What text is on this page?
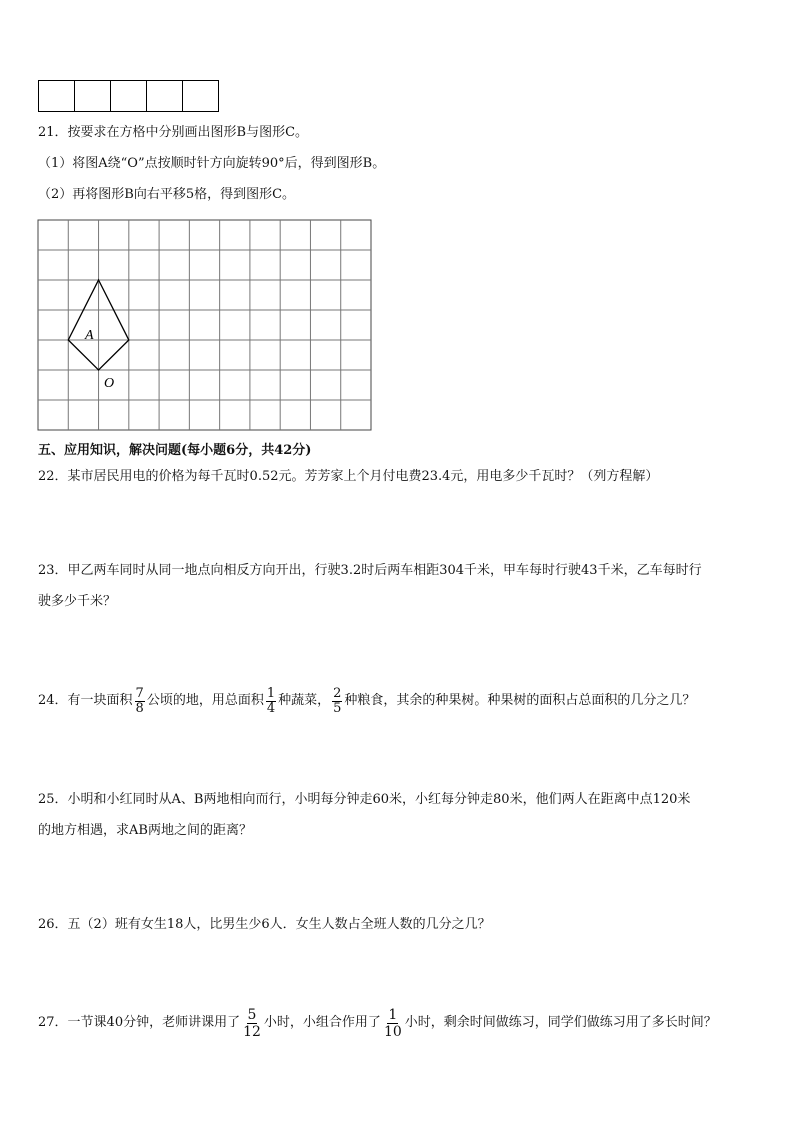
21．按要求在方格中分别画出图形B与图形C。
（1）将图A绕“O”点按顺时针方向旋转90°后，得到图形B。
（2）再将图形B向右平移5格，得到图形C。
A
O
五、应用知识，解决问题(每小题6分，共42分)
22．某市居民用电的价格为每千瓦时0.52元。芳芳家上个月付电费23.4元，用电多少千瓦时？（列方程解）
23．甲乙两车同时从同一地点向相反方向开出，行驶3.2时后两车相距304千米，甲车每时行驶43千米，乙车每时行
驶多少千米？
24．有一块面积 $\frac{7}{8}$ 公顷的地，用总面积 $\frac{1}{4}$ 种蔬菜， $\frac{2}{5}$ 种粮食，其余的种果树。种果树的面积占总面积的几分之几？
25．小明和小红同时从A、B两地相向而行，小明每分钟走60米，小红每分钟走80米，他们两人在距离中点120米
的地方相遇，求AB两地之间的距离？
26．五（2）班有女生18人，比男生少6人．女生人数占全班人数的几分之几？
27．一节课40分钟，老师讲课用了 $\frac{5}{12}$ 小时，小组合作用了 $\frac{1}{10}$ 小时，剩余时间做练习，同学们做练习用了多长时间？
